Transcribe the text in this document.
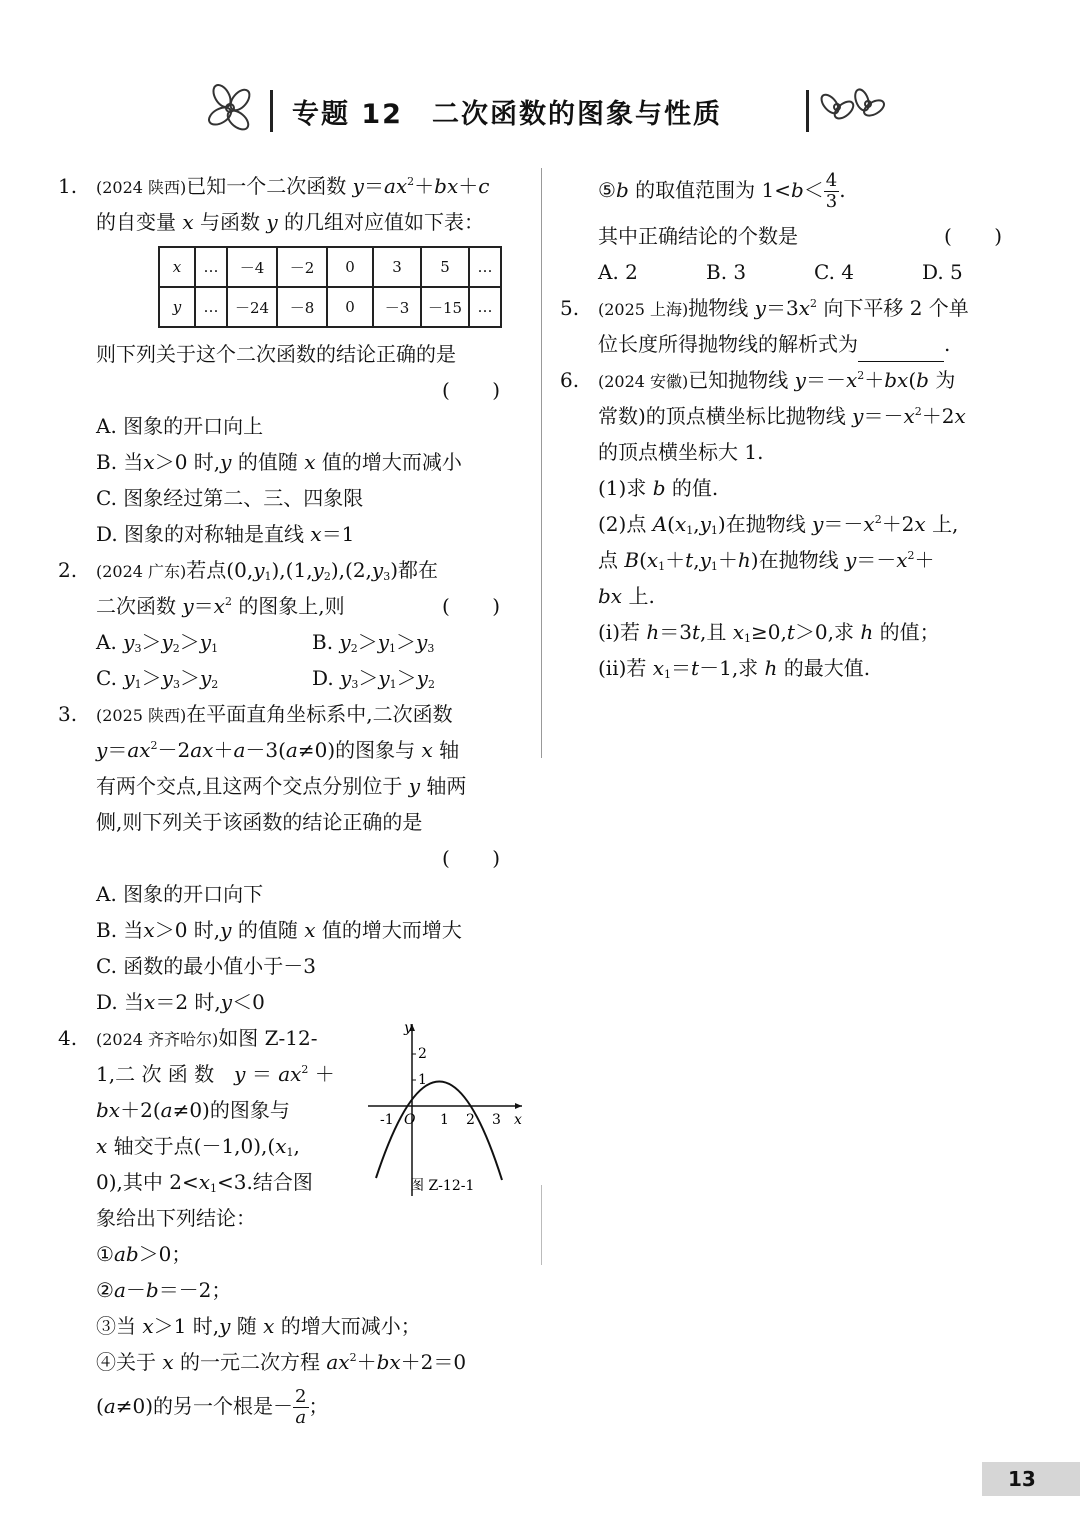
专题 12　二次函数的图象与性质
1.	(2024 陕西)已知一个二次函数 $y=ax^2+bx+c$
的自变量 x 与函数 y 的几组对应值如下表：
x	…	－4	－2	0	3	5	…
y	…	－24	－8	0	－3	－15	…
则下列关于这个二次函数的结论正确的是
( )
A. 图象的开口向上
B. 当x＞0 时,y 的值随 x 值的增大而减小
C. 图象经过第二、三、四象限
D. 图象的对称轴是直线 x＝1
2.	(2024 广东)若点$(0,y_1),(1,y_2),(2,y_3)$都在
二次函数 $y=x^2$ 的图象上,则	( )
A. $y_3>y_2>y_1$	B. $y_2>y_1>y_3$
C. $y_1>y_3>y_2$	D. $y_3>y_1>y_2$
3.	(2025 陕西)在平面直角坐标系中,二次函数
$y=ax^2-2ax+a-3(a\ne 0)$的图象与 x 轴
有两个交点,且这两个交点分别位于 y 轴两
侧,则下列关于该函数的结论正确的是
( )
A. 图象的开口向下
B. 当x＞0 时,y 的值随 x 值的增大而增大
C. 函数的最小值小于－3
D. 当x＝2 时,y＜0
y
x
O
-1	1 2 3
1
2
图 Z-12-1
4.	(2024 齐齐哈尔)如图 Z-12-
1,二 次 函 数　 $y = ax^2$ ＋
bx＋2(a≠0)的图象与
x 轴交于点$(-1,0),(x_1$,
0),其中 $2<x_1<3$.结合图
象给出下列结论：
①ab＞0；
②a－b＝－2；
③当 x＞1 时,y 随 x 的增大而减小；
④关于 x 的一元二次方程 $ax^2+bx+2=0$
(a≠0)的另一个根是－ $\frac{2}{a}$ ；
⑤b 的取值范围为 $1<b< \frac{4}{3}$ .
其中正确结论的个数是	( )
A. 2	B. 3	C. 4	D. 5
5.	(2025 上海)抛物线 $y=3x^2$ 向下平移 2 个单
位长度所得抛物线的解析式为	.
6.	(2024 安徽)已知抛物线 $y=-x^2+bx(b$ 为
常数)的顶点横坐标比抛物线 $y=-x^2+2x$
的顶点横坐标大 1.
(1)求 b 的值.
(2)点 $A(x_1,y_1)$在抛物线 $y=-x^2+2x$ 上,
点 $B(x_1+t,y_1+h)$在抛物线 $y=-x^2+$
bx 上.
(i)若 h＝3t,且 $x_1\ge 0,t>0$,求 h 的值；
(ii)若 $x_1=t-1$,求 h 的最大值.
13
